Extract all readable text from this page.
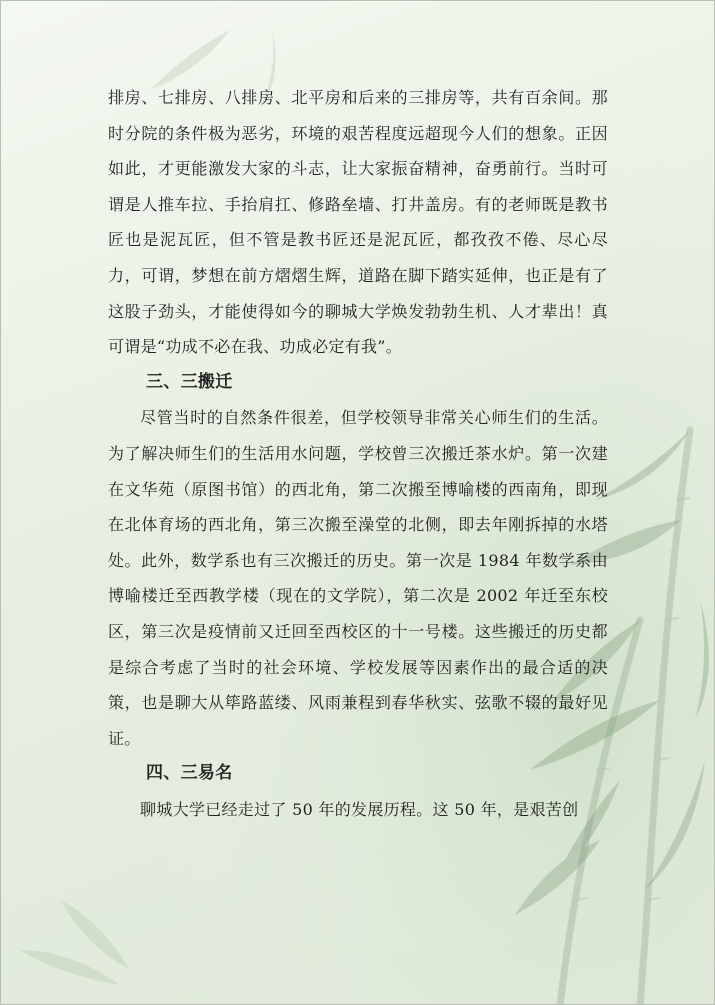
排房、七排房、八排房、北平房和后来的三排房等，共有百余间。那时分院的条件极为恶劣，环境的艰苦程度远超现今人们的想象。正因如此，才更能激发大家的斗志，让大家振奋精神，奋勇前行。当时可谓是人推车拉、手抬肩扛、修路垒墙、打井盖房。有的老师既是教书匠也是泥瓦匠，但不管是教书匠还是泥瓦匠，都孜孜不倦、尽心尽力，可谓，梦想在前方熠熠生辉，道路在脚下踏实延伸，也正是有了这股子劲头，才能使得如今的聊城大学焕发勃勃生机、人才辈出！真可谓是“功成不必在我、功成必定有我”。

三、三搬迁

尽管当时的自然条件很差，但学校领导非常关心师生们的生活。为了解决师生们的生活用水问题，学校曾三次搬迁茶水炉。第一次建在文华苑（原图书馆）的西北角，第二次搬至博喻楼的西南角，即现在北体育场的西北角，第三次搬至澡堂的北侧，即去年刚拆掉的水塔处。此外，数学系也有三次搬迁的历史。第一次是 1984 年数学系由博喻楼迁至西教学楼（现在的文学院），第二次是 2002 年迁至东校区，第三次是疫情前又迁回至西校区的十一号楼。这些搬迁的历史都是综合考虑了当时的社会环境、学校发展等因素作出的最合适的决策，也是聊大从筚路蓝缕、风雨兼程到春华秋实、弦歌不辍的最好见证。

四、三易名

聊城大学已经走过了 50 年的发展历程。这 50 年，是艰苦创
